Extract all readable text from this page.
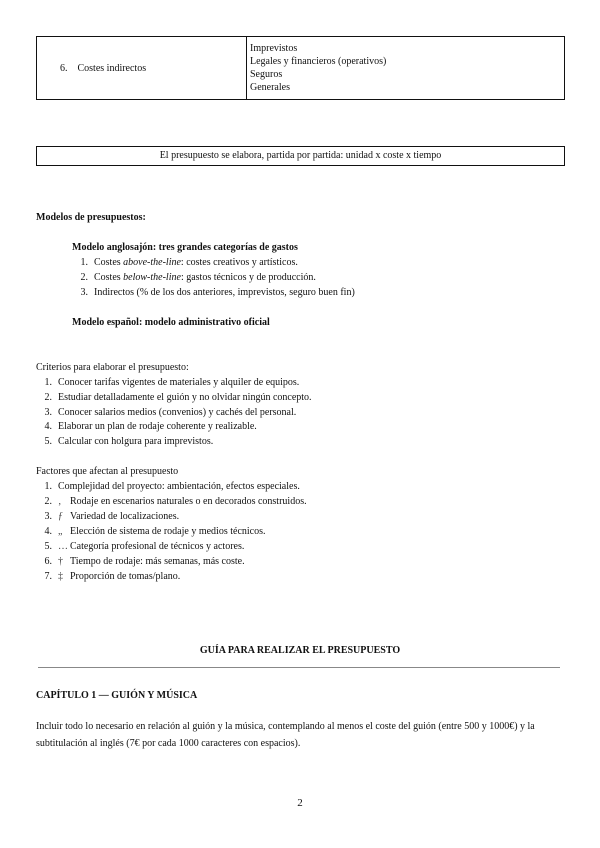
6. Costes indirectos
Imprevistos
Legales y financieros (operativos)
Seguros
Generales
El presupuesto se elabora, partida por partida: unidad x coste x tiempo
Modelos de presupuestos:
Modelo anglosajón: tres grandes categorías de gastos
1. Costes above-the-line: costes creativos y artísticos.
2. Costes below-the-line: gastos técnicos y de producción.
3. Indirectos (% de los dos anteriores, imprevistos, seguro buen fin)
Modelo español: modelo administrativo oficial
Criterios para elaborar el presupuesto:
1. Conocer tarifas vigentes de materiales y alquiler de equipos.
2. Estudiar detalladamente el guión y no olvidar ningún concepto.
3. Conocer salarios medios (convenios) y cachés del personal.
4. Elaborar un plan de rodaje coherente y realizable.
5. Calcular con holgura para imprevistos.
Factores que afectan al presupuesto
1. Complejidad del proyecto: ambientación, efectos especiales.
2. ‚ Rodaje en escenarios naturales o en decorados construidos.
3. ƒ Variedad de localizaciones.
4. „ Elección de sistema de rodaje y medios técnicos.
5. … Categoría profesional de técnicos y actores.
6. † Tiempo de rodaje: más semanas, más coste.
7. ‡ Proporción de tomas/plano.
GUÍA PARA REALIZAR EL PRESUPUESTO
CAPÍTULO 1 — GUIÓN Y MÚSICA
Incluir todo lo necesario en relación al guión y la música, contemplando al menos el coste del guión (entre 500 y 1000€) y la subtitulación al inglés (7€ por cada 1000 caracteres con espacios).
2
